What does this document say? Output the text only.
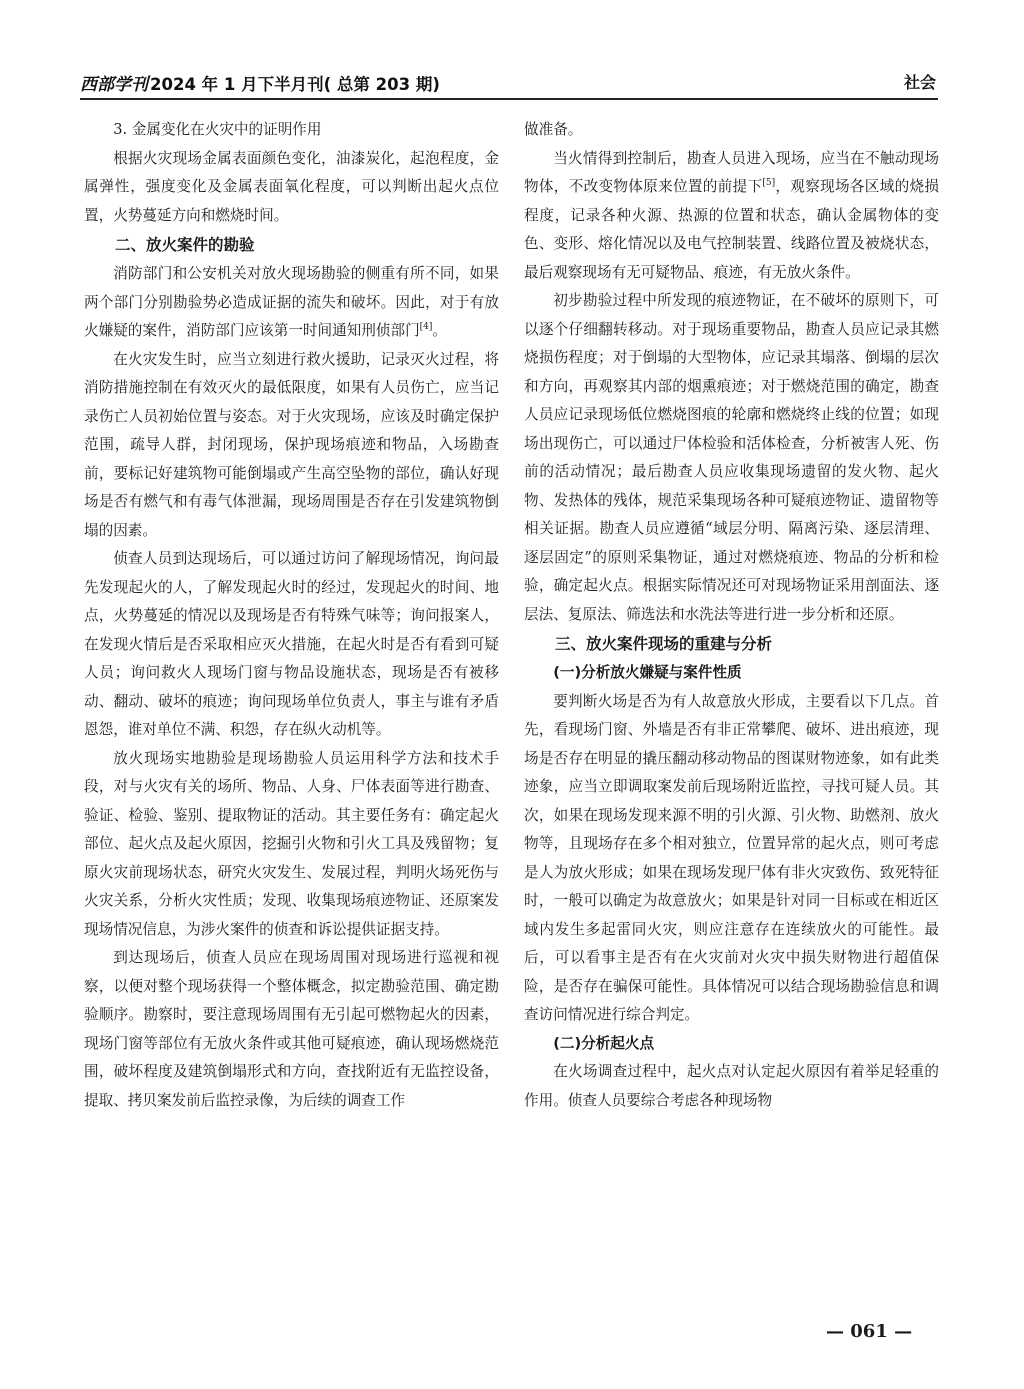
西部学刊 2024 年 1 月下半月刊( 总第 203 期)	社会

3. 金属变化在火灾中的证明作用

根据火灾现场金属表面颜色变化，油漆炭化，起泡程度，金属弹性，强度变化及金属表面氧化程度，可以判断出起火点位置，火势蔓延方向和燃烧时间。

二、放火案件的勘验

消防部门和公安机关对放火现场勘验的侧重有所不同，如果两个部门分别勘验势必造成证据的流失和破坏。因此，对于有放火嫌疑的案件，消防部门应该第一时间通知刑侦部门[4]。

在火灾发生时，应当立刻进行救火援助，记录灭火过程，将消防措施控制在有效灭火的最低限度，如果有人员伤亡，应当记录伤亡人员初始位置与姿态。对于火灾现场，应该及时确定保护范围，疏导人群，封闭现场，保护现场痕迹和物品，入场勘查前，要标记好建筑物可能倒塌或产生高空坠物的部位，确认好现场是否有燃气和有毒气体泄漏，现场周围是否存在引发建筑物倒塌的因素。

侦查人员到达现场后，可以通过访问了解现场情况，询问最先发现起火的人，了解发现起火时的经过，发现起火的时间、地点，火势蔓延的情况以及现场是否有特殊气味等；询问报案人，在发现火情后是否采取相应灭火措施，在起火时是否有看到可疑人员；询问救火人现场门窗与物品设施状态，现场是否有被移动、翻动、破坏的痕迹；询问现场单位负责人，事主与谁有矛盾恩怨，谁对单位不满、积怨，存在纵火动机等。

放火现场实地勘验是现场勘验人员运用科学方法和技术手段，对与火灾有关的场所、物品、人身、尸体表面等进行勘查、验证、检验、鉴别、提取物证的活动。其主要任务有：确定起火部位、起火点及起火原因，挖掘引火物和引火工具及残留物；复原火灾前现场状态，研究火灾发生、发展过程，判明火场死伤与火灾关系，分析火灾性质；发现、收集现场痕迹物证、还原案发现场情况信息，为涉火案件的侦查和诉讼提供证据支持。

到达现场后，侦查人员应在现场周围对现场进行巡视和视察，以便对整个现场获得一个整体概念，拟定勘验范围、确定勘验顺序。勘察时，要注意现场周围有无引起可燃物起火的因素，现场门窗等部位有无放火条件或其他可疑痕迹，确认现场燃烧范围，破坏程度及建筑倒塌形式和方向，查找附近有无监控设备，提取、拷贝案发前后监控录像，为后续的调查工作

做准备。

当火情得到控制后，勘查人员进入现场，应当在不触动现场物体，不改变物体原来位置的前提下[5]，观察现场各区域的烧损程度，记录各种火源、热源的位置和状态，确认金属物体的变色、变形、熔化情况以及电气控制装置、线路位置及被烧状态，最后观察现场有无可疑物品、痕迹，有无放火条件。

初步勘验过程中所发现的痕迹物证，在不破坏的原则下，可以逐个仔细翻转移动。对于现场重要物品，勘查人员应记录其燃烧损伤程度；对于倒塌的大型物体，应记录其塌落、倒塌的层次和方向，再观察其内部的烟熏痕迹；对于燃烧范围的确定，勘查人员应记录现场低位燃烧图痕的轮廓和燃烧终止线的位置；如现场出现伤亡，可以通过尸体检验和活体检查，分析被害人死、伤前的活动情况；最后勘查人员应收集现场遗留的发火物、起火物、发热体的残体，规范采集现场各种可疑痕迹物证、遗留物等相关证据。勘查人员应遵循“域层分明、隔离污染、逐层清理、逐层固定”的原则采集物证，通过对燃烧痕迹、物品的分析和检验，确定起火点。根据实际情况还可对现场物证采用剖面法、逐层法、复原法、筛选法和水洗法等进行进一步分析和还原。

三、放火案件现场的重建与分析
(一)分析放火嫌疑与案件性质

要判断火场是否为有人故意放火形成，主要看以下几点。首先，看现场门窗、外墙是否有非正常攀爬、破坏、进出痕迹，现场是否存在明显的撬压翻动移动物品的图谋财物迹象，如有此类迹象，应当立即调取案发前后现场附近监控，寻找可疑人员。其次，如果在现场发现来源不明的引火源、引火物、助燃剂、放火物等，且现场存在多个相对独立，位置异常的起火点，则可考虑是人为放火形成；如果在现场发现尸体有非火灾致伤、致死特征时，一般可以确定为故意放火；如果是针对同一目标或在相近区域内发生多起雷同火灾，则应注意存在连续放火的可能性。最后，可以看事主是否有在火灾前对火灾中损失财物进行超值保险，是否存在骗保可能性。具体情况可以结合现场勘验信息和调查访问情况进行综合判定。

(二)分析起火点

在火场调查过程中，起火点对认定起火原因有着举足轻重的作用。侦查人员要综合考虑各种现场物

— 061 —
